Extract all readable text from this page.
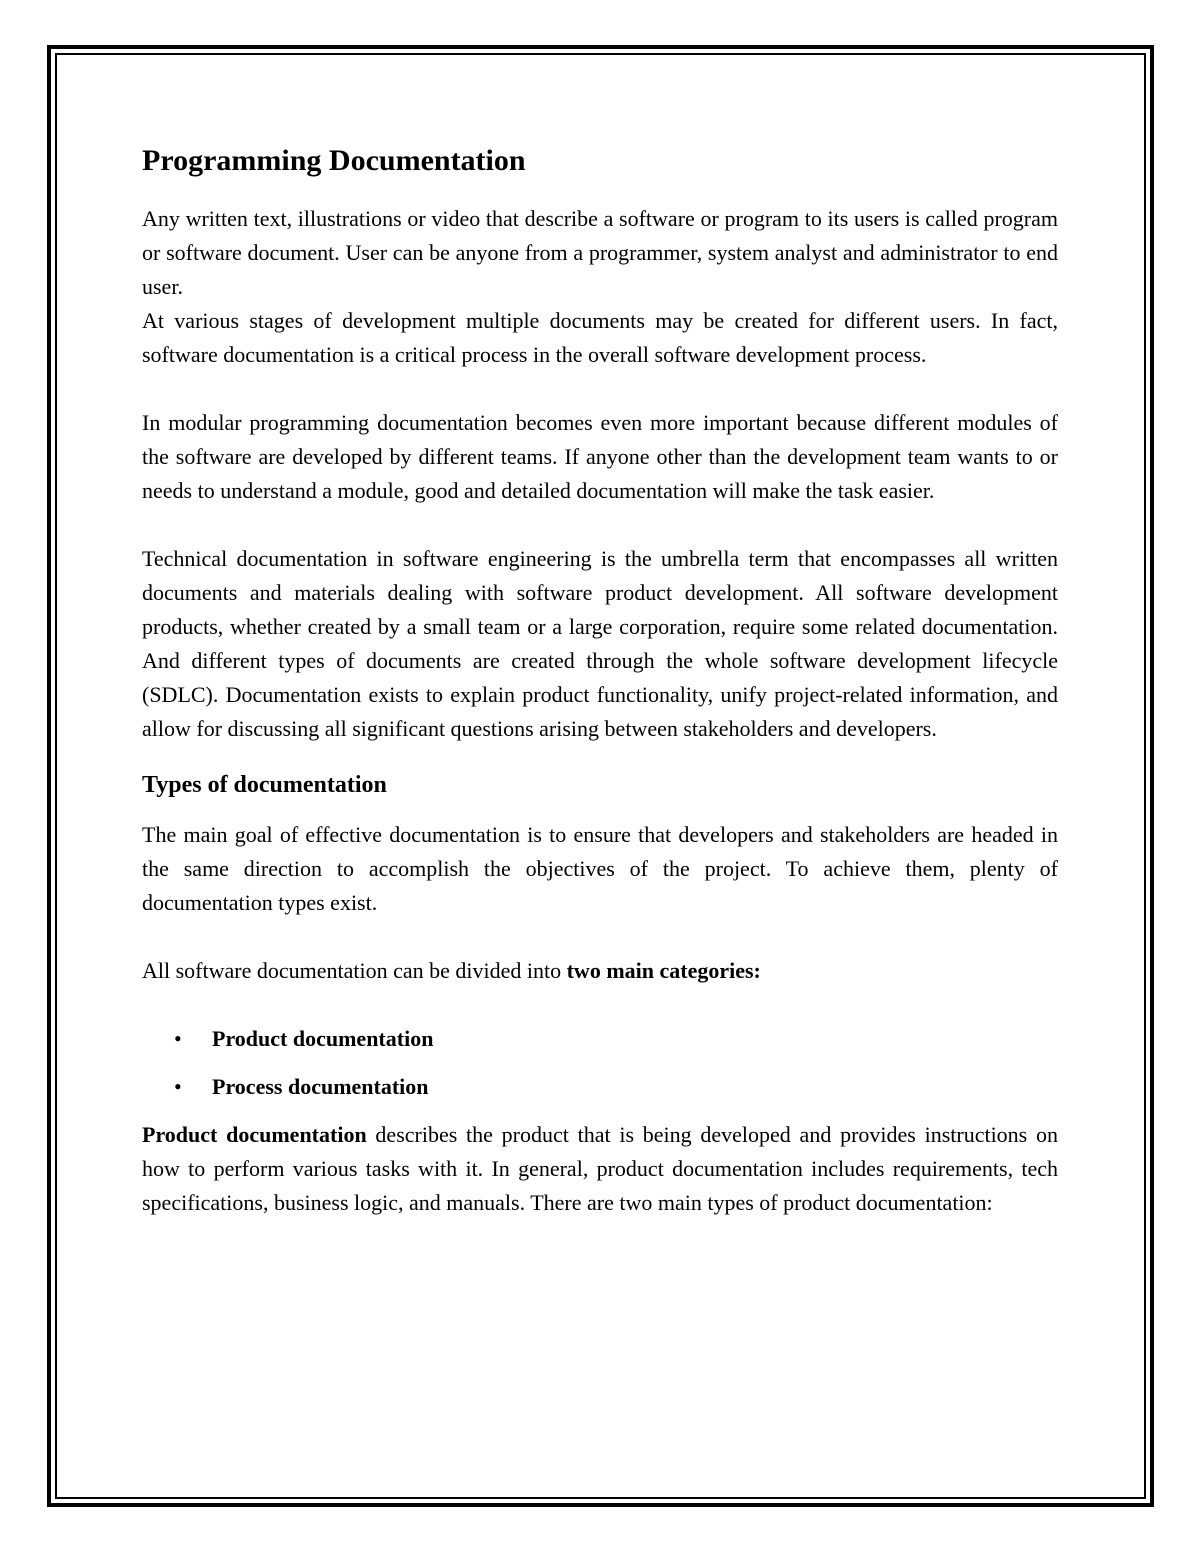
Programming Documentation

Any written text, illustrations or video that describe a software or program to its users is called program or software document. User can be anyone from a programmer, system analyst and administrator to end user.

At various stages of development multiple documents may be created for different users. In fact, software documentation is a critical process in the overall software development process.

In modular programming documentation becomes even more important because different modules of the software are developed by different teams. If anyone other than the development team wants to or needs to understand a module, good and detailed documentation will make the task easier.

Technical documentation in software engineering is the umbrella term that encompasses all written documents and materials dealing with software product development. All software development products, whether created by a small team or a large corporation, require some related documentation. And different types of documents are created through the whole software development lifecycle (SDLC). Documentation exists to explain product functionality, unify project-related information, and allow for discussing all significant questions arising between stakeholders and developers.

Types of documentation

The main goal of effective documentation is to ensure that developers and stakeholders are headed in the same direction to accomplish the objectives of the project. To achieve them, plenty of documentation types exist.

All software documentation can be divided into two main categories:

• Product documentation
• Process documentation

Product documentation describes the product that is being developed and provides instructions on how to perform various tasks with it. In general, product documentation includes requirements, tech specifications, business logic, and manuals. There are two main types of product documentation:
